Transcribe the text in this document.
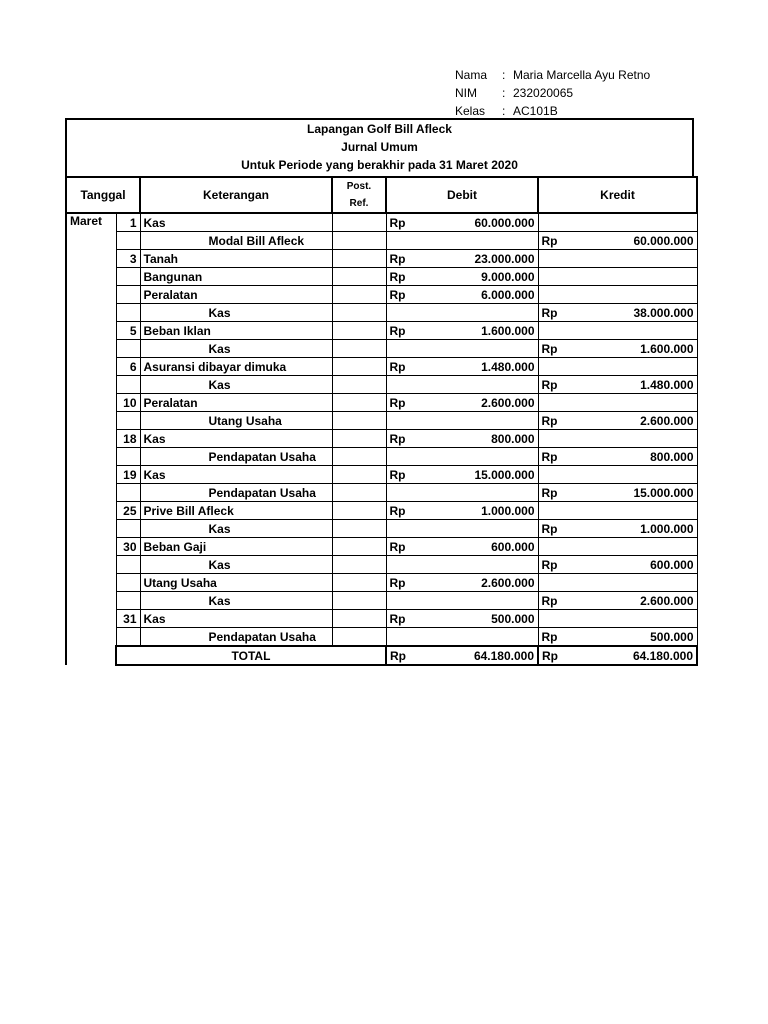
Nama	: Maria Marcella Ayu Retno
NIM	: 232020065
Kelas	: AC101B
Lapangan Golf Bill Afleck
Jurnal Umum
Untuk Periode yang berakhir pada 31 Maret 2020
Tanggal		Keterangan	Post.
Ref.	Debit	Kredit
Maret	1	Kas		Rp 60.000.000	

		Modal Bill Afleck			Rp 60.000.000

	3	Tanah		Rp 23.000.000	

		Bangunan		Rp 9.000.000	

		Peralatan		Rp 6.000.000	

		Kas			Rp 38.000.000

	5	Beban Iklan		Rp 1.600.000	

		Kas			Rp 1.600.000

	6	Asuransi dibayar dimuka		Rp 1.480.000	

		Kas			Rp 1.480.000

	10	Peralatan		Rp 2.600.000	

		Utang Usaha			Rp 2.600.000

	18	Kas		Rp 800.000	

		Pendapatan Usaha			Rp 800.000

	19	Kas		Rp 15.000.000	

		Pendapatan Usaha			Rp 15.000.000

	25	Prive Bill Afleck		Rp 1.000.000	

		Kas			Rp 1.000.000

	30	Beban Gaji		Rp 600.000	

		Kas			Rp 600.000

		Utang Usaha		Rp 2.600.000	

		Kas			Rp 2.600.000

	31	Kas		Rp 500.000	

		Pendapatan Usaha			Rp 500.000

	TOTAL			Rp 64.180.000	Rp 64.180.000
